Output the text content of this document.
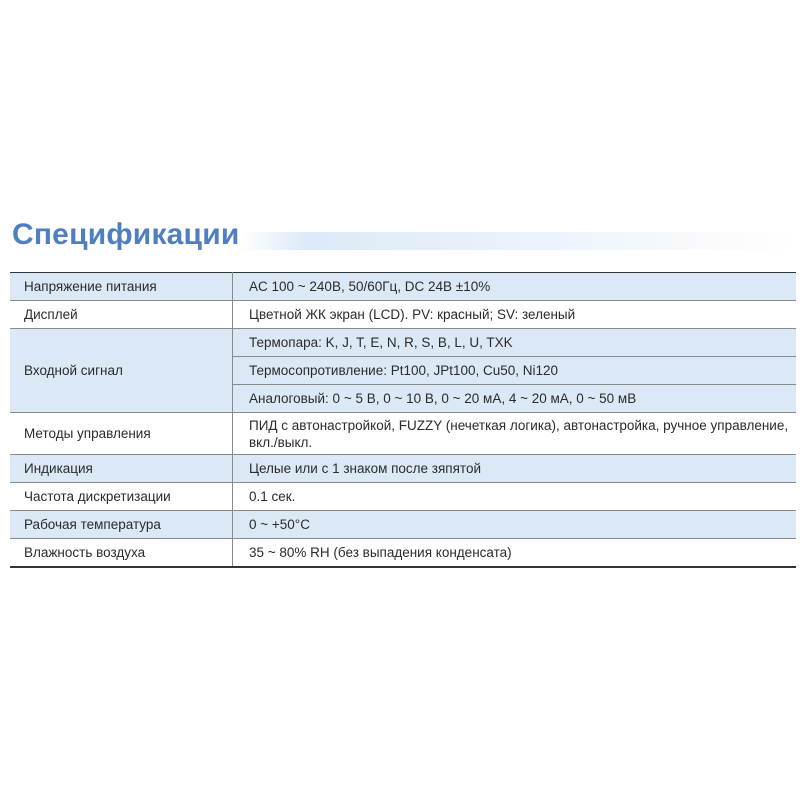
Спецификации
Напряжение питания	AC 100 ~ 240В, 50/60Гц, DC 24В ±10%
Дисплей	Цветной ЖК экран (LCD). PV: красный; SV: зеленый
Входной сигнал	Термопара: K, J, T, E, N, R, S, B, L, U, TXK
	Термосопротивление: Pt100, JPt100, Cu50, Ni120
	Аналоговый: 0 ~ 5 В, 0 ~ 10 В, 0 ~ 20 мА, 4 ~ 20 мА, 0 ~ 50 мВ
Методы управления	ПИД с автонастройкой, FUZZY (нечеткая логика), автонастройка, ручное управление, вкл./выкл.
Индикация	Целые или с 1 знаком после зяпятой
Частота дискретизации	0.1 сек.
Рабочая температура	0 ~ +50°C
Влажность воздуха	35 ~ 80% RH (без выпадения конденсата)
